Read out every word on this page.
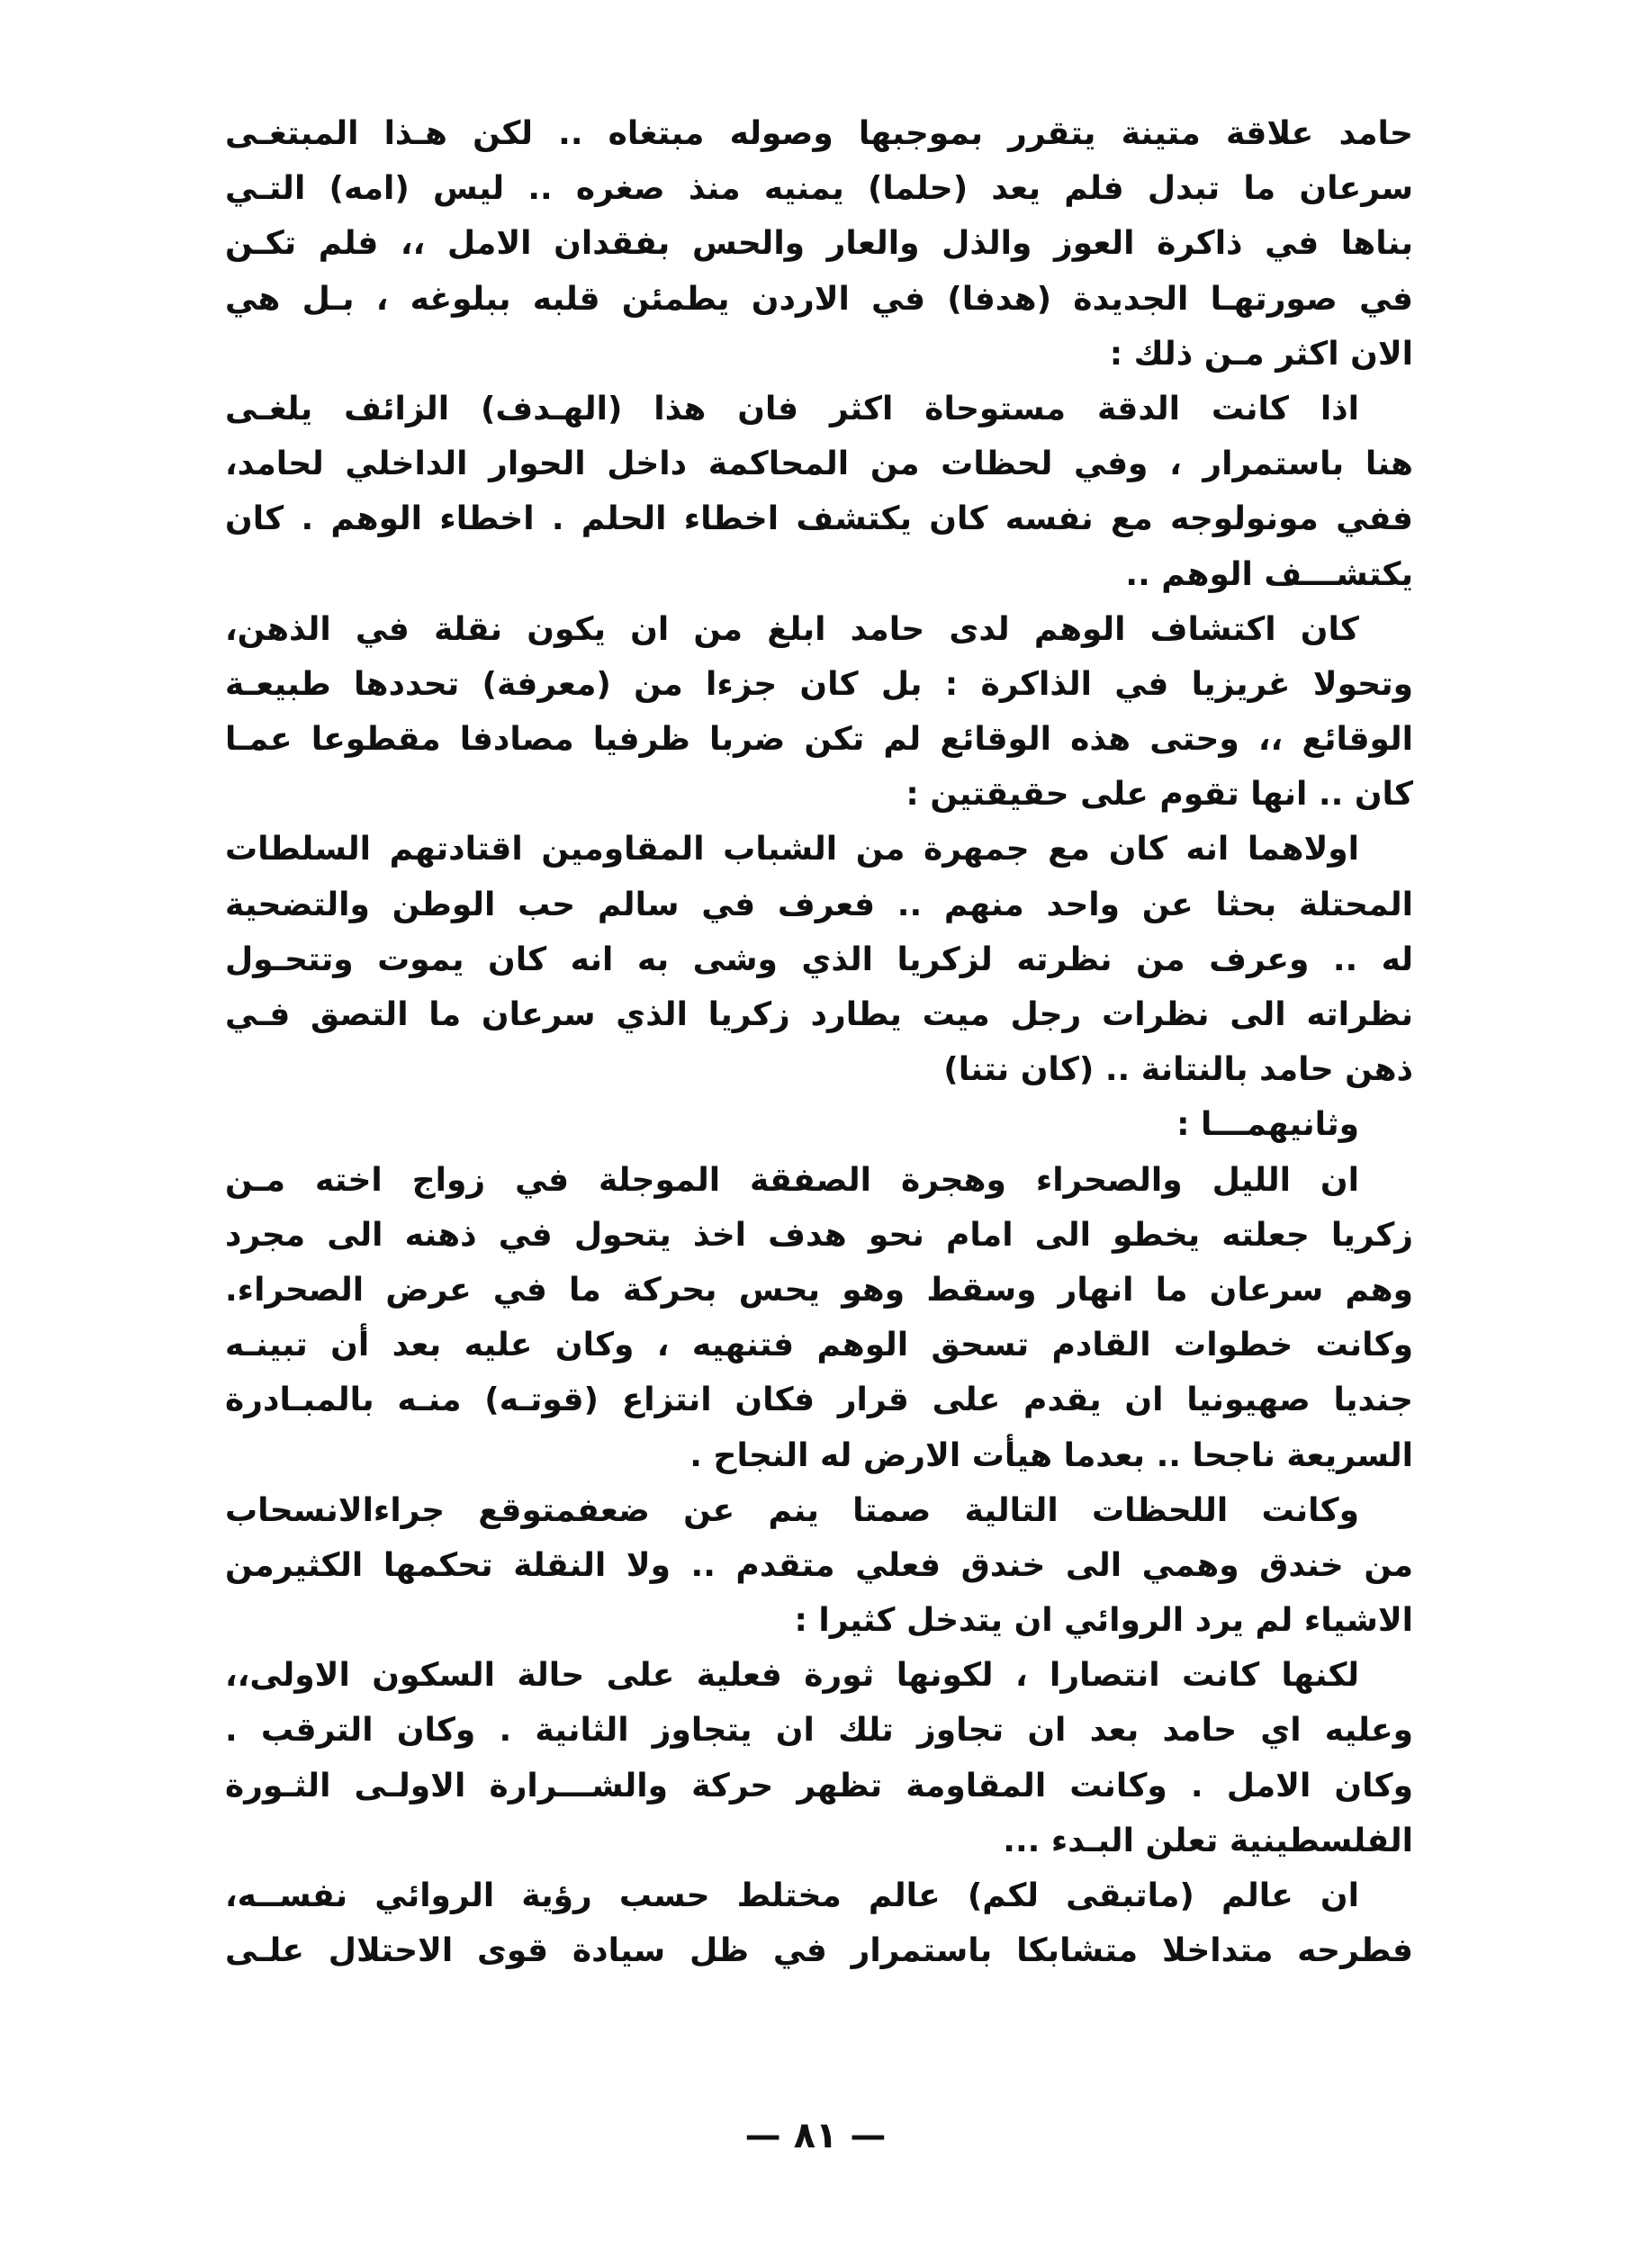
حامد علاقة متينة يتقرر بموجبها وصوله مبتغاه .. لكن هـذا المبتغـى
سرعان ما تبدل فلم يعد (حلما) يمنيه منذ صغره .. ليس (امه) التـي
بناها في ذاكرة العوز والذل والعار والحس بفقدان الامل ،، فلم تكـن
في صورتهـا الجديدة (هدفا) في الاردن يطمئن قلبه ببلوغه ، بـل هي
الان اكثر مـن ذلك :
اذا كانت الدقة مستوحاة اكثر فان هذا (الهـدف) الزائف يلغـى
هنا باستمرار ، وفي لحظات من المحاكمة داخل الحوار الداخلي لحامد،
ففي مونولوجه مع نفسه كان يكتشف اخطاء الحلم . اخطاء الوهم . كان
يكتشـــف الوهم ..
كان اكتشاف الوهم لدى حامد ابلغ من ان يكون نقلة في الذهن،
وتحولا غريزيا في الذاكرة : بل كان جزءا من (معرفة) تحددها طبيعـة
الوقائع ،، وحتى هذه الوقائع لم تكن ضربا ظرفيا مصادفا مقطوعا عمـا
كان .. انها تقوم على حقيقتين :
اولاهما انه كان مع جمهرة من الشباب المقاومين اقتادتهم السلطات
المحتلة بحثا عن واحد منهم .. فعرف في سالم حب الوطن والتضحية
له .. وعرف من نظرته لزكريا الذي وشى به انه كان يموت وتتحـول
نظراته الى نظرات رجل ميت يطارد زكريا الذي سرعان ما التصق فـي
ذهن حامد بالنتانة .. (كان نتنا)
وثانيهمـــا :
ان الليل والصحراء وهجرة الصفقة الموجلة في زواج اخته مـن
زكريا جعلته يخطو الى امام نحو هدف اخذ يتحول في ذهنه الى مجرد
وهم سرعان ما انهار وسقط وهو يحس بحركة ما في عرض الصحراء.
وكانت خطوات القادم تسحق الوهم فتنهيه ، وكان عليه بعد أن تبينـه
جنديا صهيونيا ان يقدم على قرار فكان انتزاع (قوتـه) منـه بالمبـادرة
السريعة ناجحا .. بعدما هيأت الارض له النجاح .
وكانت اللحظات التالية صمتا ينم عن ضعفمتوقع جراءالانسحاب
من خندق وهمي الى خندق فعلي متقدم .. ولا النقلة تحكمها الكثيرمن
الاشياء لم يرد الروائي ان يتدخل كثيرا :
لكنها كانت انتصارا ، لكونها ثورة فعلية على حالة السكون الاولى،،
وعليه اي حامد بعد ان تجاوز تلك ان يتجاوز الثانية . وكان الترقب .
وكان الامل . وكانت المقاومة تظهر حركة والشـــرارة الاولـى الثـورة
الفلسطينية تعلن البـدء ...
ان عالم (ماتبقى لكم) عالم مختلط حسب رؤية الروائي نفســه،
فطرحه متداخلا متشابكا باستمرار في ظل سيادة قوى الاحتلال علـى
— ٨١ —
